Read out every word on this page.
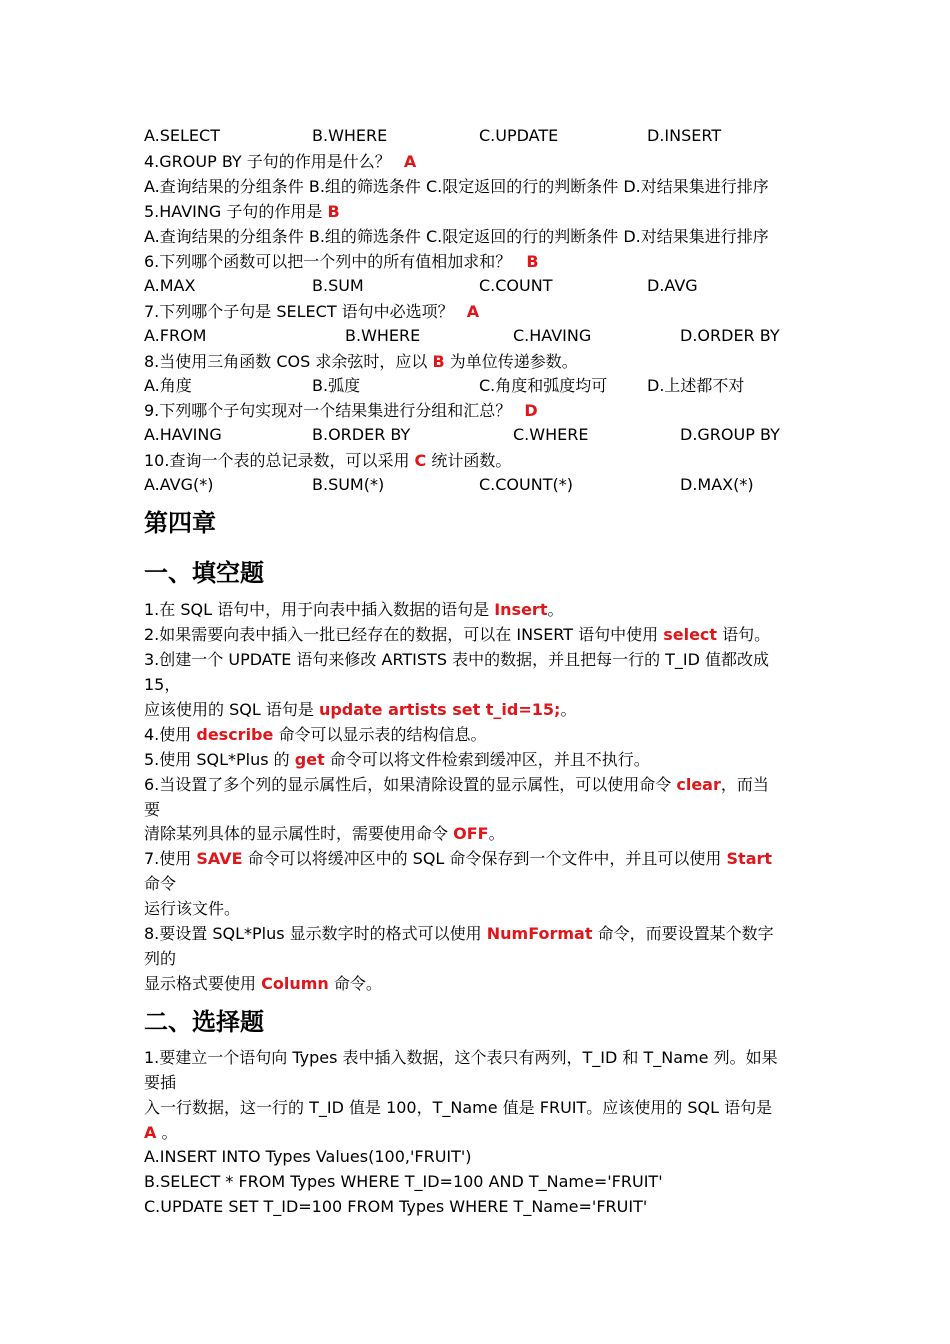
A.SELECT	B.WHERE	C.UPDATE	D.INSERT
4.GROUP BY 子句的作用是什么？ A
A.查询结果的分组条件 B.组的筛选条件 C.限定返回的行的判断条件 D.对结果集进行排序
5.HAVING 子句的作用是 B
A.查询结果的分组条件 B.组的筛选条件 C.限定返回的行的判断条件 D.对结果集进行排序
6.下列哪个函数可以把一个列中的所有值相加求和？ B
A.MAX	B.SUM	C.COUNT	D.AVG
7.下列哪个子句是 SELECT 语句中必选项？ A
A.FROM	B.WHERE	C.HAVING	D.ORDER BY
8.当使用三角函数 COS 求余弦时，应以 B 为单位传递参数。
A.角度	B.弧度	C.角度和弧度均可 D.上述都不对
9.下列哪个子句实现对一个结果集进行分组和汇总？ D
A.HAVING	B.ORDER BY	C.WHERE	D.GROUP BY
10.查询一个表的总记录数，可以采用 C 统计函数。
A.AVG(*)	B.SUM(*)	C.COUNT(*)	D.MAX(*)
第四章
一、填空题
1.在 SQL 语句中，用于向表中插入数据的语句是 Insert。
2.如果需要向表中插入一批已经存在的数据，可以在 INSERT 语句中使用 select 语句。
3.创建一个 UPDATE 语句来修改 ARTISTS 表中的数据，并且把每一行的 T_ID 值都改成
15，
应该使用的 SQL 语句是 update artists set t_id=15;。
4.使用 describe 命令可以显示表的结构信息。
5.使用 SQL*Plus 的 get 命令可以将文件检索到缓冲区，并且不执行。
6.当设置了多个列的显示属性后，如果清除设置的显示属性，可以使用命令 clear，而当
要
清除某列具体的显示属性时，需要使用命令 OFF。
7.使用 SAVE 命令可以将缓冲区中的 SQL 命令保存到一个文件中，并且可以使用 Start
命令
运行该文件。
8.要设置 SQL*Plus 显示数字时的格式可以使用 NumFormat 命令，而要设置某个数字
列的
显示格式要使用 Column 命令。
二、选择题
1.要建立一个语句向 Types 表中插入数据，这个表只有两列，T_ID 和 T_Name 列。如果
要插
入一行数据，这一行的 T_ID 值是 100，T_Name 值是 FRUIT。应该使用的 SQL 语句是
A 。
A.INSERT INTO Types Values(100,'FRUIT')
B.SELECT * FROM Types WHERE T_ID=100 AND T_Name='FRUIT'
C.UPDATE SET T_ID=100 FROM Types WHERE T_Name='FRUIT'
